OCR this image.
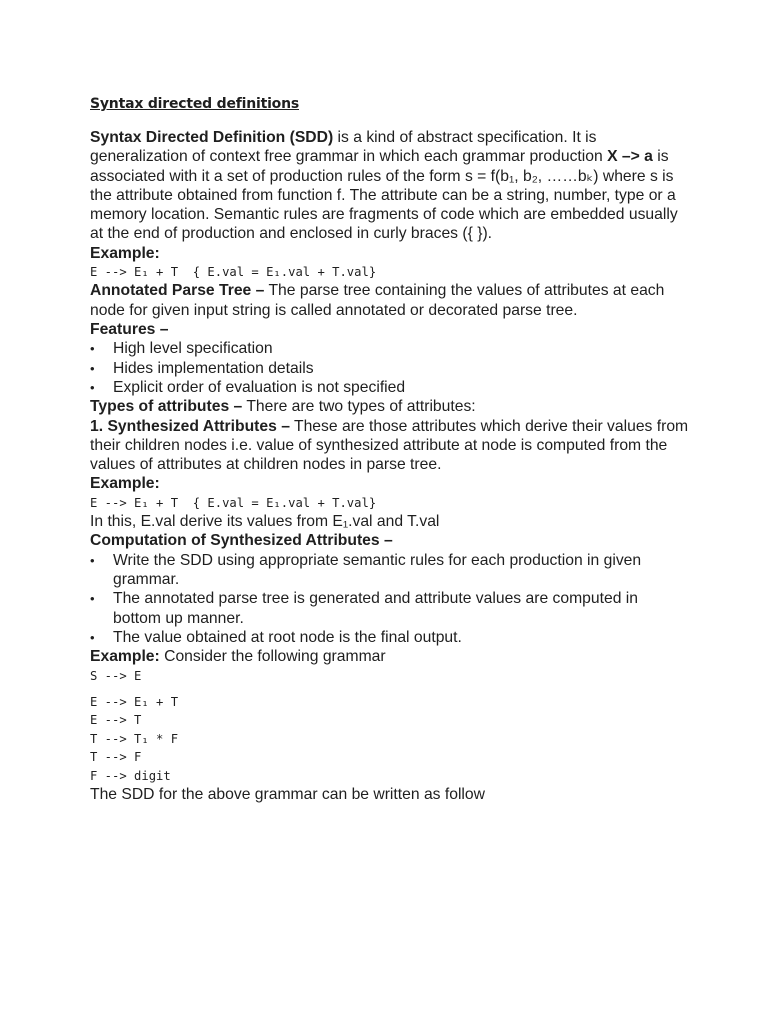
Syntax directed definitions

Syntax Directed Definition (SDD) is a kind of abstract specification. It is generalization of context free grammar in which each grammar production X –> a is associated with it a set of production rules of the form s = f(b₁, b₂, ……bₖ) where s is the attribute obtained from function f. The attribute can be a string, number, type or a memory location. Semantic rules are fragments of code which are embedded usually at the end of production and enclosed in curly braces ({ }).

Example:

E --> E₁ + T  { E.val = E₁.val + T.val}

Annotated Parse Tree – The parse tree containing the values of attributes at each node for given input string is called annotated or decorated parse tree.

Features –

• High level specification
• Hides implementation details
• Explicit order of evaluation is not specified

Types of attributes – There are two types of attributes:

1. Synthesized Attributes – These are those attributes which derive their values from their children nodes i.e. value of synthesized attribute at node is computed from the values of attributes at children nodes in parse tree.

Example:

E --> E₁ + T  { E.val = E₁.val + T.val}

In this, E.val derive its values from E₁.val and T.val

Computation of Synthesized Attributes –

• Write the SDD using appropriate semantic rules for each production in given grammar.
• The annotated parse tree is generated and attribute values are computed in bottom up manner.
• The value obtained at root node is the final output.

Example: Consider the following grammar

S --> E

E --> E₁ + T

E --> T

T --> T₁ * F

T --> F

F --> digit

The SDD for the above grammar can be written as follow
